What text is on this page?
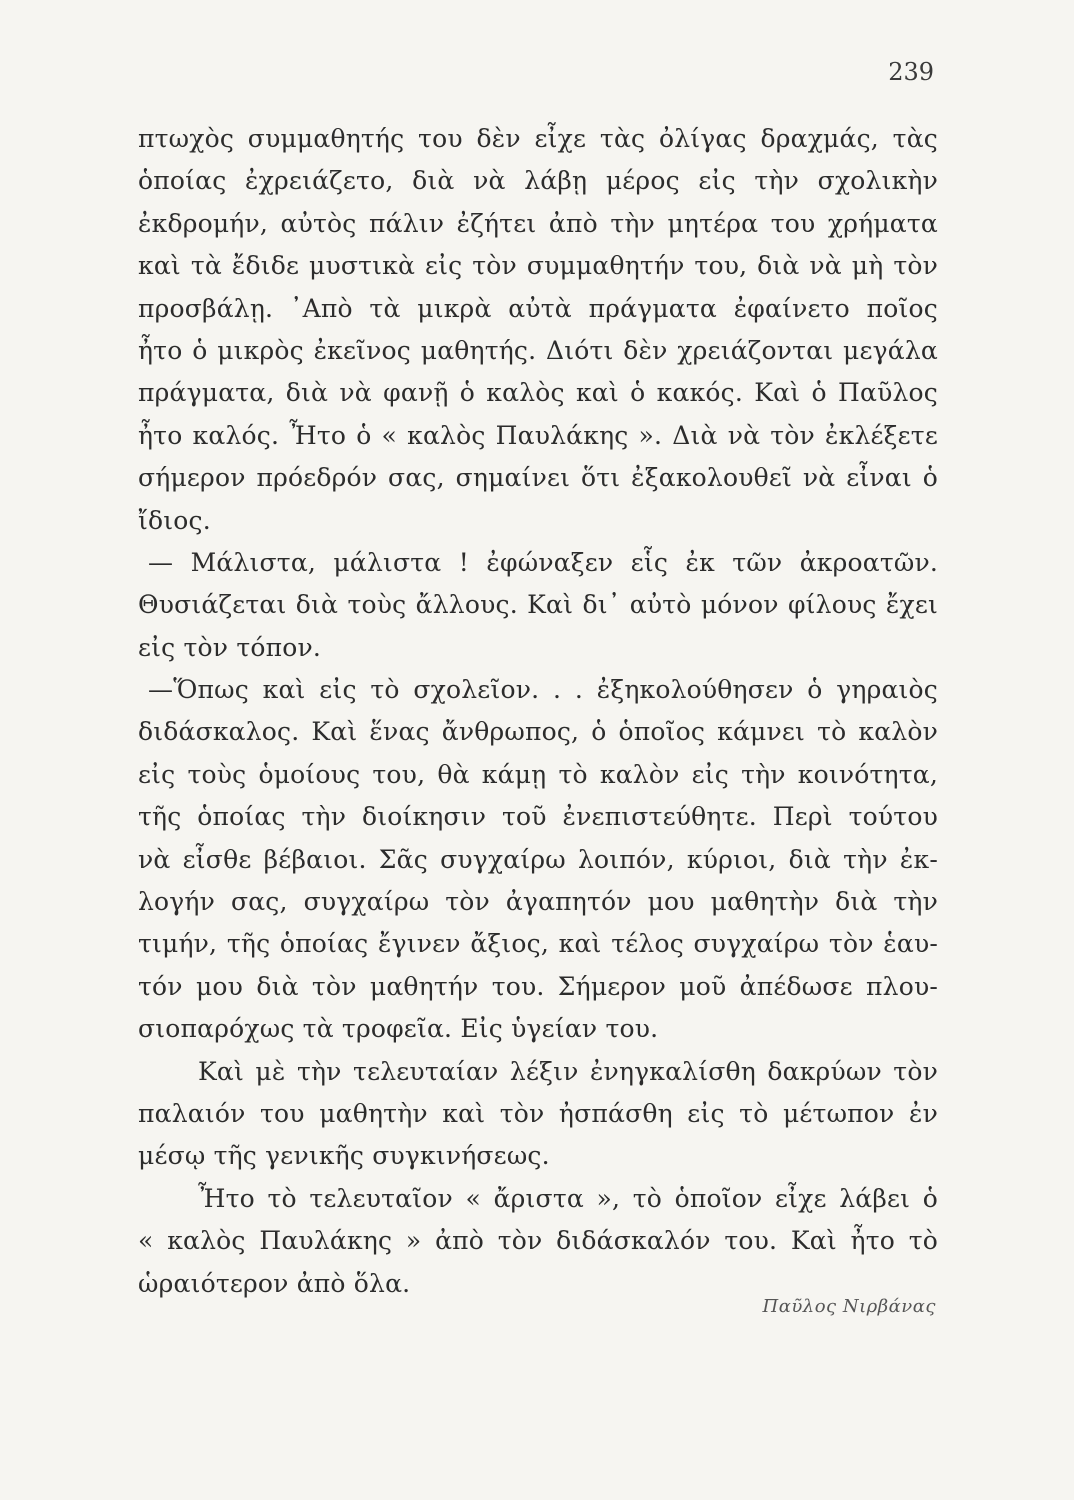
239
πτωχὸς συμμαθητής του δὲν εἶχε τὰς ὀλίγας δραχμάς, τὰς
ὁποίας ἐχρειάζετο, διὰ νὰ λάβῃ μέρος εἰς τὴν σχολικὴν
ἐκδρομήν, αὐτὸς πάλιν ἐζήτει ἀπὸ τὴν μητέρα του χρήματα
καὶ τὰ ἔδιδε μυστικὰ εἰς τὸν συμμαθητήν του, διὰ νὰ μὴ τὸν
προσβάλῃ. ᾿Απὸ τὰ μικρὰ αὐτὰ πράγματα ἐφαίνετο ποῖος
ἦτο ὁ μικρὸς ἐκεῖνος μαθητής. Διότι δὲν χρειάζονται μεγάλα
πράγματα, διὰ νὰ φανῇ ὁ καλὸς καὶ ὁ κακός. Καὶ ὁ Παῦλος
ἦτο καλός. Ἦτο ὁ « καλὸς Παυλάκης ». Διὰ νὰ τὸν ἐκλέξετε
σήμερον πρόεδρόν σας, σημαίνει ὅτι ἐξακολουθεῖ νὰ εἶναι ὁ
ἴδιος.
— Μάλιστα, μάλιστα ! ἐφώναξεν εἷς ἐκ τῶν ἀκροατῶν.
Θυσιάζεται διὰ τοὺς ἄλλους. Καὶ δι᾿ αὐτὸ μόνον φίλους ἔχει
εἰς τὸν τόπον.
—Ὅπως καὶ εἰς τὸ σχολεῖον. . . ἐξηκολούθησεν ὁ γηραιὸς
διδάσκαλος. Καὶ ἕνας ἄνθρωπος, ὁ ὁποῖος κάμνει τὸ καλὸν
εἰς τοὺς ὁμοίους του, θὰ κάμῃ τὸ καλὸν εἰς τὴν κοινότητα,
τῆς ὁποίας τὴν διοίκησιν τοῦ ἐνεπιστεύθητε. Περὶ τούτου
νὰ εἶσθε βέβαιοι. Σᾶς συγχαίρω λοιπόν, κύριοι, διὰ τὴν ἐκ-
λογήν σας, συγχαίρω τὸν ἀγαπητόν μου μαθητὴν διὰ τὴν
τιμήν, τῆς ὁποίας ἔγινεν ἄξιος, καὶ τέλος συγχαίρω τὸν ἑαυ-
τόν μου διὰ τὸν μαθητήν του. Σήμερον μοῦ ἀπέδωσε πλου-
σιοπαρόχως τὰ τροφεῖα. Εἰς ὑγείαν του.
Καὶ μὲ τὴν τελευταίαν λέξιν ἐνηγκαλίσθη δακρύων τὸν
παλαιόν του μαθητὴν καὶ τὸν ἠσπάσθη εἰς τὸ μέτωπον ἐν
μέσῳ τῆς γενικῆς συγκινήσεως.
Ἦτο τὸ τελευταῖον « ἄριστα », τὸ ὁποῖον εἶχε λάβει ὁ
« καλὸς Παυλάκης » ἀπὸ τὸν διδάσκαλόν του. Καὶ ἦτο τὸ
ὡραιότερον ἀπὸ ὅλα.
Παῦλος Νιρβάνας
